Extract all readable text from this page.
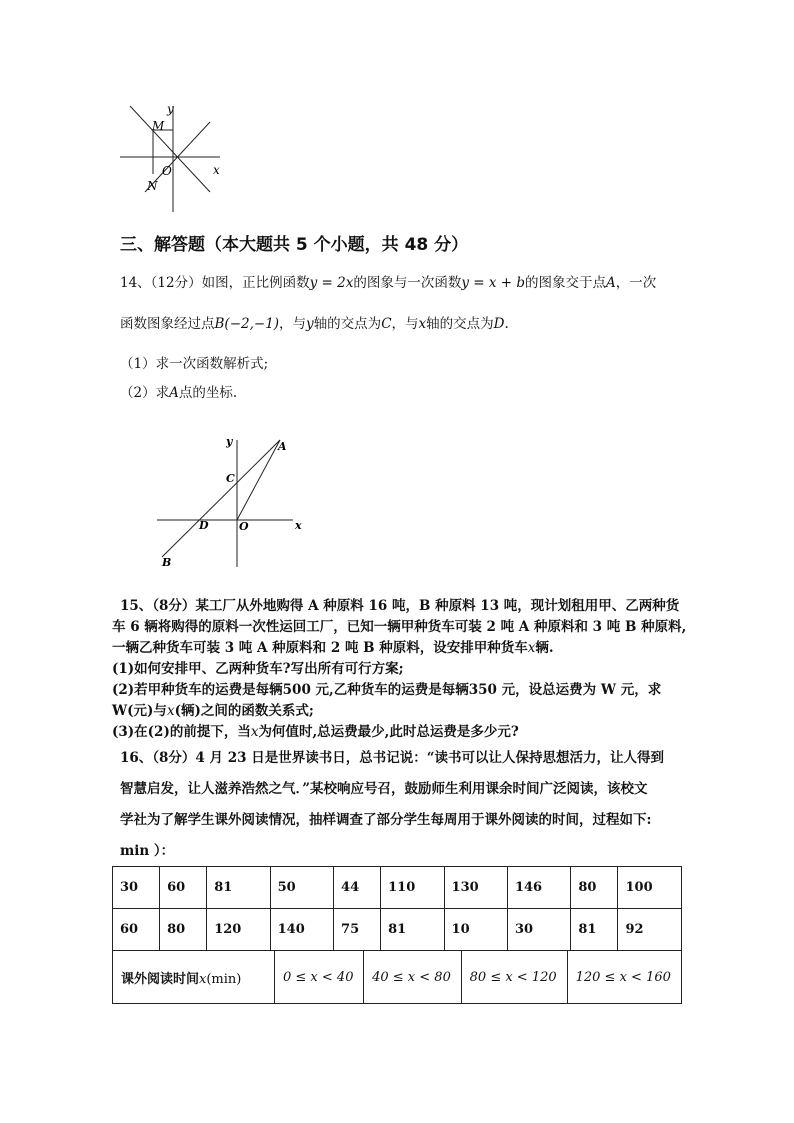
y
x
M
O
N
三、解答题（本大题共 5 个小题，共 48 分）
14、（12分）如图，正比例函数y = 2x的图象与一次函数y = x + b的图象交于点A，一次
函数图象经过点B(−2,−1)，与y轴的交点为C，与x轴的交点为D.
（1）求一次函数解析式;
（2）求A点的坐标.
y
x
A
C
D	O
B
15、（8分）某工厂从外地购得 A 种原料 16 吨，B 种原料 13 吨，现计划租用甲、乙两种货
车 6 辆将购得的原料一次性运回工厂，已知一辆甲种货车可装 2 吨 A 种原料和 3 吨 B 种原料,
一辆乙种货车可装 3 吨 A 种原料和 2 吨 B 种原料，设安排甲种货车x辆.
(1)如何安排甲、乙两种货车?写出所有可行方案;
(2)若甲种货车的运费是每辆500 元,乙种货车的运费是每辆350 元，设总运费为 W 元，求
W(元)与x(辆)之间的函数关系式;
(3)在(2)的前提下，当x为何值时,总运费最少,此时总运费是多少元?
16、（8分）4 月 23 日是世界读书日，总书记说：“读书可以让人保持思想活力，让人得到
智慧启发，让人滋养浩然之气．”某校响应号召，鼓励师生利用课余时间广泛阅读，该校文
学社为了解学生课外阅读情况，抽样调查了部分学生每周用于课外阅读的时间，过程如下:
min ）：
30	60	81	50	44	110	130	146	80	100
60	80	120	140	75	81	10	30	81	92
课外阅读时间x(min)	0 ≤ x < 40	40 ≤ x < 80	80 ≤ x < 120	120 ≤ x < 160
